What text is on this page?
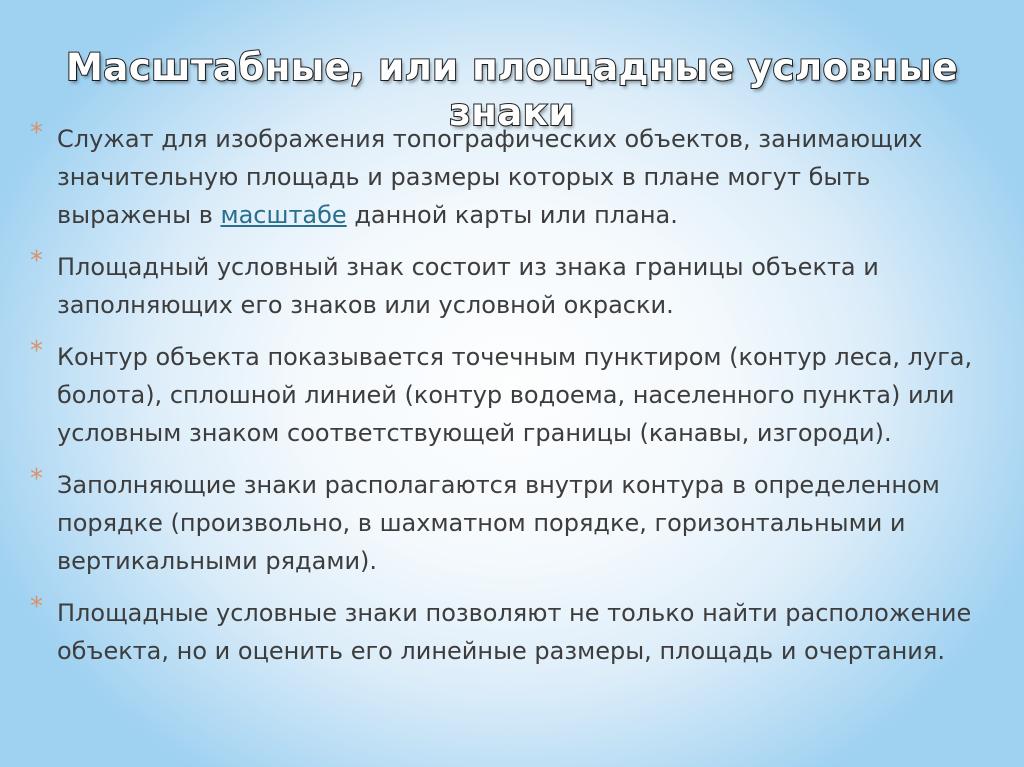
Масштабные, или площадные условные знаки
* Служат для изображения топографических объектов, занимающих значительную площадь и размеры которых в плане могут быть выражены в масштабе данной карты или плана.
* Площадный условный знак состоит из знака границы объекта и заполняющих его знаков или условной окраски.
* Контур объекта показывается точечным пунктиром (контур леса, луга, болота), сплошной линией (контур водоема, населенного пункта) или условным знаком соответствующей границы (канавы, изгороди).
* Заполняющие знаки располагаются внутри контура в определенном порядке (произвольно, в шахматном порядке, горизонтальными и вертикальными рядами).
* Площадные условные знаки позволяют не только найти расположение объекта, но и оценить его линейные размеры, площадь и очертания.
